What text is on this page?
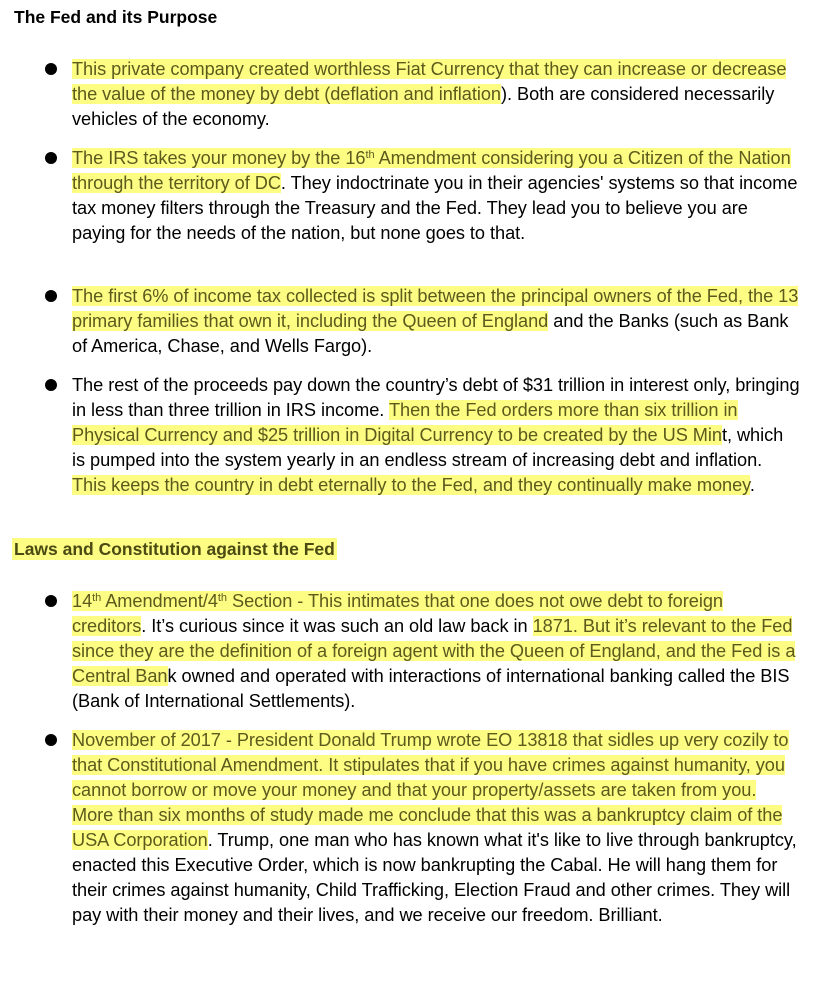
The Fed and its Purpose
This private company created worthless Fiat Currency that they can increase or decrease the value of the money by debt (deflation and inflation). Both are considered necessarily vehicles of the economy.
The IRS takes your money by the 16th Amendment considering you a Citizen of the Nation through the territory of DC. They indoctrinate you in their agencies' systems so that income tax money filters through the Treasury and the Fed. They lead you to believe you are paying for the needs of the nation, but none goes to that.
The first 6% of income tax collected is split between the principal owners of the Fed, the 13 primary families that own it, including the Queen of England and the Banks (such as Bank of America, Chase, and Wells Fargo).
The rest of the proceeds pay down the country’s debt of $31 trillion in interest only, bringing in less than three trillion in IRS income. Then the Fed orders more than six trillion in Physical Currency and $25 trillion in Digital Currency to be created by the US Mint, which is pumped into the system yearly in an endless stream of increasing debt and inflation. This keeps the country in debt eternally to the Fed, and they continually make money.
Laws and Constitution against the Fed
14th Amendment/4th Section - This intimates that one does not owe debt to foreign creditors. It’s curious since it was such an old law back in 1871. But it’s relevant to the Fed since they are the definition of a foreign agent with the Queen of England, and the Fed is a Central Bank owned and operated with interactions of international banking called the BIS (Bank of International Settlements).
November of 2017 - President Donald Trump wrote EO 13818 that sidles up very cozily to that Constitutional Amendment. It stipulates that if you have crimes against humanity, you cannot borrow or move your money and that your property/assets are taken from you. More than six months of study made me conclude that this was a bankruptcy claim of the USA Corporation. Trump, one man who has known what it's like to live through bankruptcy, enacted this Executive Order, which is now bankrupting the Cabal. He will hang them for their crimes against humanity, Child Trafficking, Election Fraud and other crimes. They will pay with their money and their lives, and we receive our freedom. Brilliant.
